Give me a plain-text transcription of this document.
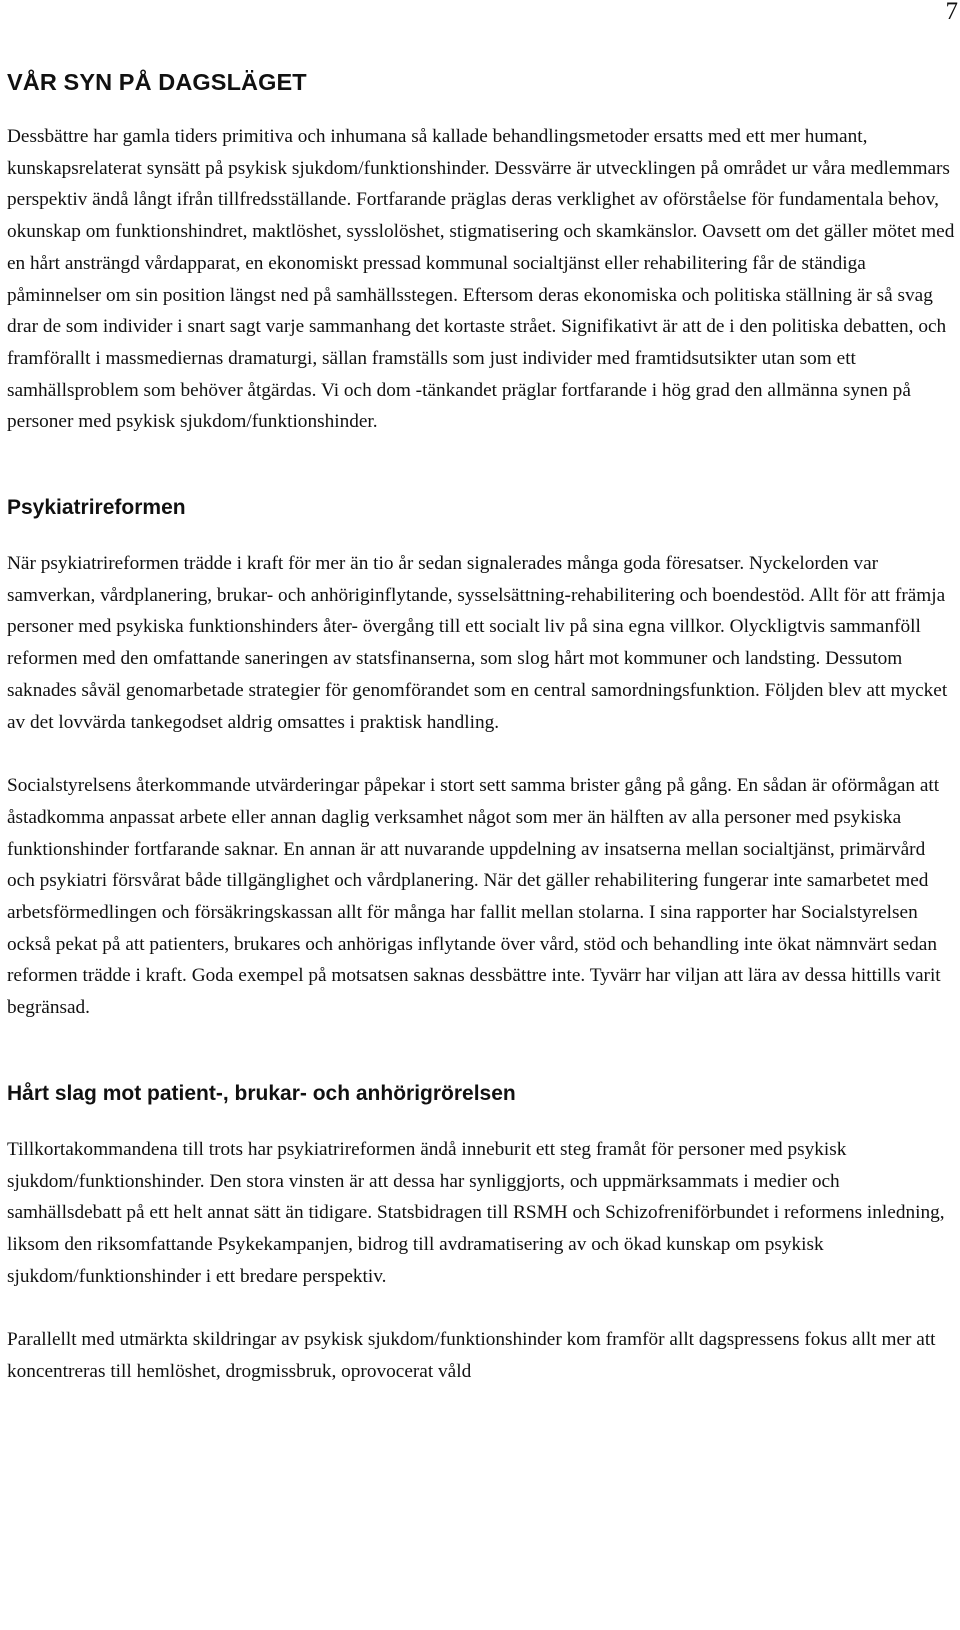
7
VÅR SYN PÅ DAGSLÄGET

Dessbättre har gamla tiders primitiva och inhumana så kallade behandlingsmetoder ersatts med ett mer humant, kunskapsrelaterat synsätt på psykisk sjukdom/funktionshinder. Dessvärre är utvecklingen på området ur våra medlemmars perspektiv ändå långt ifrån tillfredsställande. Fortfarande präglas deras verklighet av oförståelse för fundamentala behov, okunskap om funktionshindret, maktlöshet, sysslolöshet, stigmatisering och skamkänslor. Oavsett om det gäller mötet med en hårt ansträngd vårdapparat, en ekonomiskt pressad kommunal socialtjänst eller rehabilitering får de ständiga påminnelser om sin position längst ned på samhällsstegen. Eftersom deras ekonomiska och politiska ställning är så svag drar de som individer i snart sagt varje sammanhang det kortaste strået. Signifikativt är att de i den politiska debatten, och framförallt i massmediernas dramaturgi, sällan framställs som just individer med framtidsutsikter utan som ett samhällsproblem som behöver åtgärdas. Vi och dom -tänkandet präglar fortfarande i hög grad den allmänna synen på personer med psykisk sjukdom/funktionshinder.

Psykiatrireformen

När psykiatrireformen trädde i kraft för mer än tio år sedan signalerades många goda föresatser. Nyckelorden var samverkan, vårdplanering, brukar- och anhöriginflytande, sysselsättning-rehabilitering och boendestöd. Allt för att främja personer med psykiska funktionshinders åter- övergång till ett socialt liv på sina egna villkor. Olyckligtvis sammanföll reformen med den omfattande saneringen av statsfinanserna, som slog hårt mot kommuner och landsting. Dessutom saknades såväl genomarbetade strategier för genomförandet som en central samordningsfunktion. Följden blev att mycket av det lovvärda tankegodset aldrig omsattes i praktisk handling.

Socialstyrelsens återkommande utvärderingar påpekar i stort sett samma brister gång på gång. En sådan är oförmågan att åstadkomma anpassat arbete eller annan daglig verksamhet något som mer än hälften av alla personer med psykiska funktionshinder fortfarande saknar. En annan är att nuvarande uppdelning av insatserna mellan socialtjänst, primärvård och psykiatri försvårat både tillgänglighet och vårdplanering. När det gäller rehabilitering fungerar inte samarbetet med arbetsförmedlingen och försäkringskassan allt för många har fallit mellan stolarna. I sina rapporter har Socialstyrelsen också pekat på att patienters, brukares och anhörigas inflytande över vård, stöd och behandling inte ökat nämnvärt sedan reformen trädde i kraft. Goda exempel på motsatsen saknas dessbättre inte. Tyvärr har viljan att lära av dessa hittills varit begränsad.

Hårt slag mot patient-, brukar- och anhörigrörelsen

Tillkortakommandena till trots har psykiatrireformen ändå inneburit ett steg framåt för personer med psykisk sjukdom/funktionshinder. Den stora vinsten är att dessa har synliggjorts, och uppmärksammats i medier och samhällsdebatt på ett helt annat sätt än tidigare. Statsbidragen till RSMH och Schizofreniförbundet i reformens inledning, liksom den riksomfattande Psykekampanjen, bidrog till avdramatisering av och ökad kunskap om psykisk sjukdom/funktionshinder i ett bredare perspektiv.

Parallellt med utmärkta skildringar av psykisk sjukdom/funktionshinder kom framför allt dagspressens fokus allt mer att koncentreras till hemlöshet, drogmissbruk, oprovocerat våld
